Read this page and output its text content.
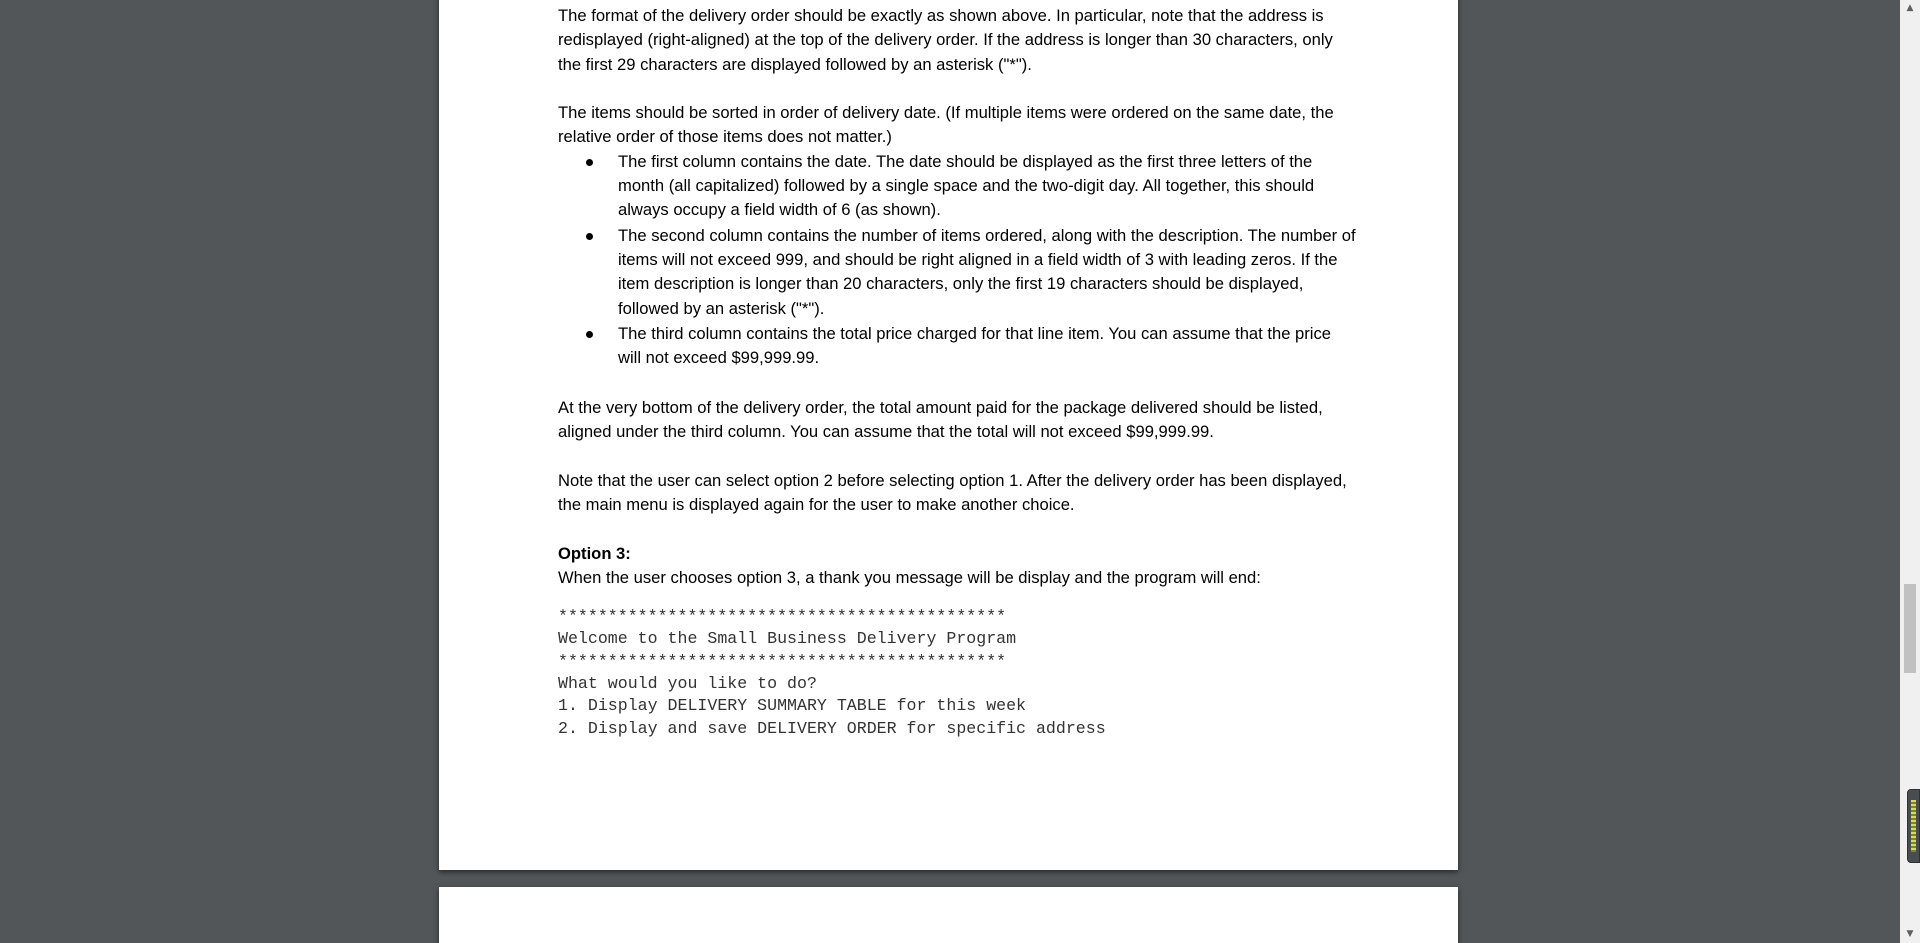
The format of the delivery order should be exactly as shown above. In particular, note that the address is redisplayed (right-aligned) at the top of the delivery order. If the address is longer than 30 characters, only the first 29 characters are displayed followed by an asterisk ("*").

The items should be sorted in order of delivery date. (If multiple items were ordered on the same date, the relative order of those items does not matter.)

The first column contains the date. The date should be displayed as the first three letters of the month (all capitalized) followed by a single space and the two-digit day. All together, this should always occupy a field width of 6 (as shown).
The second column contains the number of items ordered, along with the description. The number of items will not exceed 999, and should be right aligned in a field width of 3 with leading zeros. If the item description is longer than 20 characters, only the first 19 characters should be displayed, followed by an asterisk ("*").
The third column contains the total price charged for that line item. You can assume that the price will not exceed $99,999.99.

At the very bottom of the delivery order, the total amount paid for the package delivered should be listed, aligned under the third column. You can assume that the total will not exceed $99,999.99.

Note that the user can select option 2 before selecting option 1. After the delivery order has been displayed, the main menu is displayed again for the user to make another choice.

Option 3:

When the user chooses option 3, a thank you message will be display and the program will end:

*********************************************

Welcome to the Small Business Delivery Program

*********************************************

What would you like to do?

1. Display DELIVERY SUMMARY TABLE for this week

2. Display and save DELIVERY ORDER for specific address

▲
▼
